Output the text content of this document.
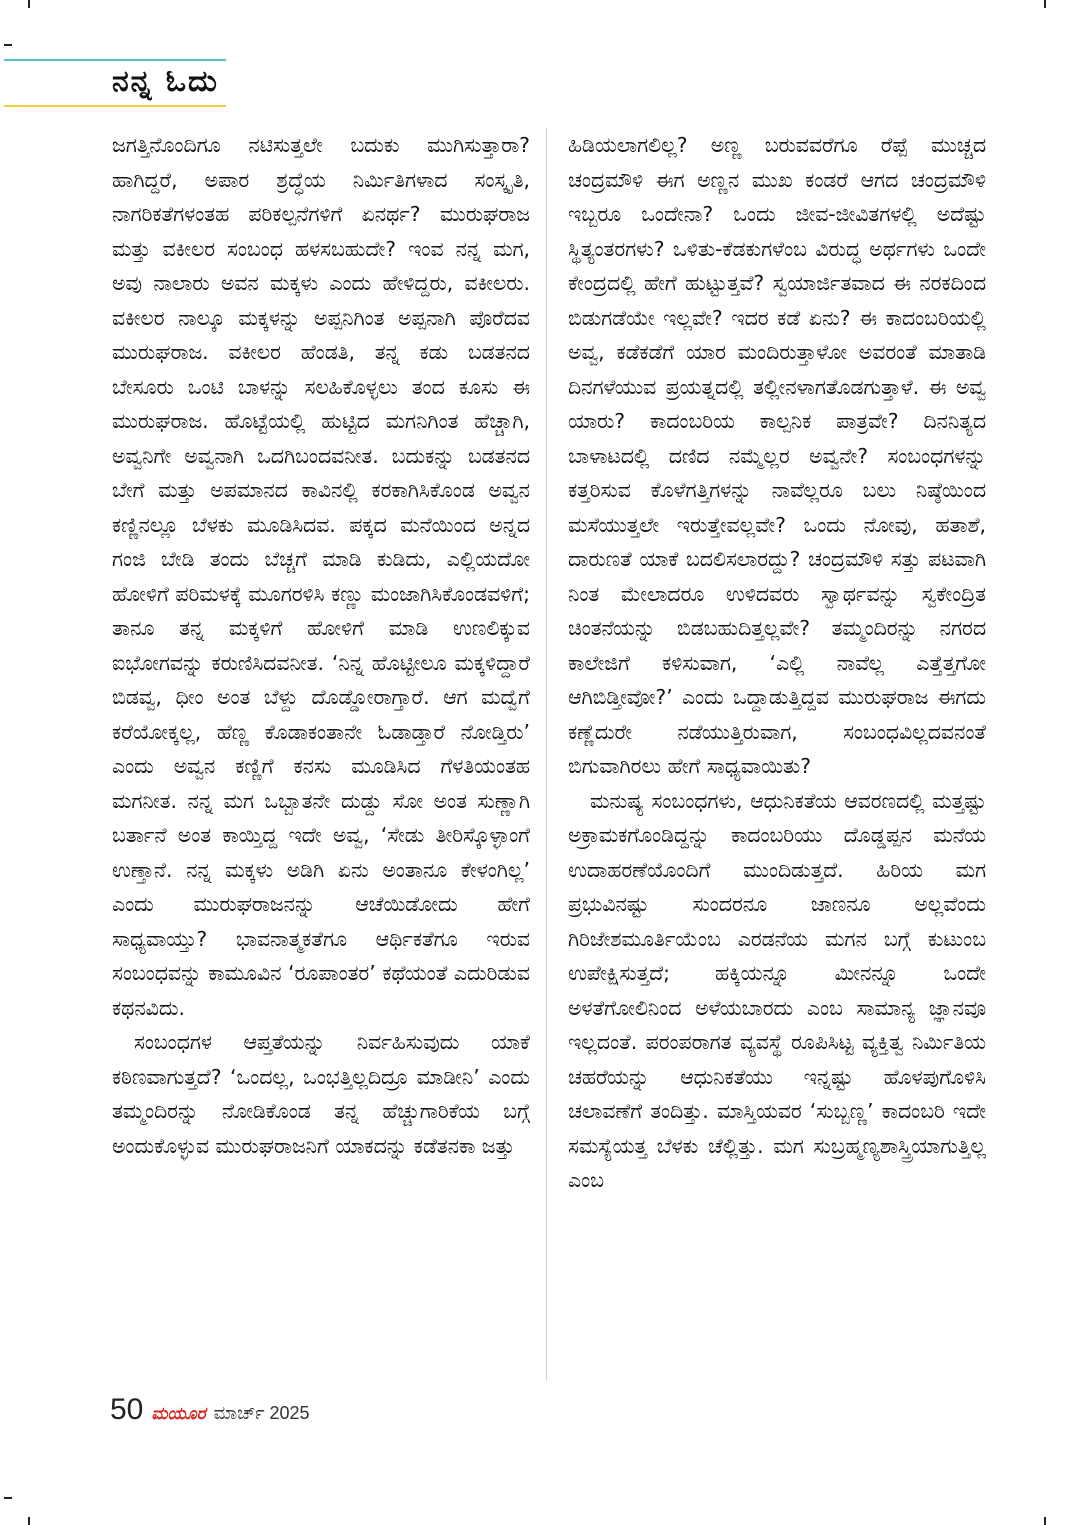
ನನ್ನ ಓದು

ಜಗತ್ತಿನೊಂದಿಗೂ ನಟಿಸುತ್ತಲೇ ಬದುಕು ಮುಗಿಸುತ್ತಾರಾ? ಹಾಗಿದ್ದರೆ, ಅಪಾರ ಶ್ರದ್ಧೆಯ ನಿರ್ಮಿತಿಗಳಾದ ಸಂಸ್ಕೃತಿ, ನಾಗರಿಕತೆಗಳಂತಹ ಪರಿಕಲ್ಪನೆಗಳಿಗೆ ಏನರ್ಥ? ಮುರುಘರಾಜ ಮತ್ತು ವಕೀಲರ ಸಂಬಂಧ ಹಳಸಬಹುದೇ? ಇಂವ ನನ್ನ ಮಗ, ಅವು ನಾಲಾರು ಅವನ ಮಕ್ಕಳು ಎಂದು ಹೇಳಿದ್ದರು, ವಕೀಲರು. ವಕೀಲರ ನಾಲ್ಕೂ ಮಕ್ಕಳನ್ನು ಅಪ್ಪನಿಗಿಂತ ಅಪ್ಪನಾಗಿ ಪೊರೆದವ ಮುರುಘರಾಜ. ವಕೀಲರ ಹೆಂಡತಿ, ತನ್ನ ಕಡು ಬಡತನದ ಬೇಸೂರು ಒಂಟಿ ಬಾಳನ್ನು ಸಲಹಿಕೊಳ್ಳಲು ತಂದ ಕೂಸು ಈ ಮುರುಘರಾಜ. ಹೊಟ್ಟೆಯಲ್ಲಿ ಹುಟ್ಟಿದ ಮಗನಿಗಿಂತ ಹೆಚ್ಚಾಗಿ, ಅವ್ವನಿಗೇ ಅವ್ವನಾಗಿ ಒದಗಿಬಂದವನೀತ. ಬದುಕನ್ನು ಬಡತನದ ಬೇಗೆ ಮತ್ತು ಅಪಮಾನದ ಕಾವಿನಲ್ಲಿ ಕರಕಾಗಿಸಿಕೊಂಡ ಅವ್ವನ ಕಣ್ಣಿನಲ್ಲೂ ಬೆಳಕು ಮೂಡಿಸಿದವ. ಪಕ್ಕದ ಮನೆಯಿಂದ ಅನ್ನದ ಗಂಜಿ ಬೇಡಿ ತಂದು ಬೆಚ್ಚಗೆ ಮಾಡಿ ಕುಡಿದು, ಎಲ್ಲಿಯದೋ ಹೋಳಿಗೆ ಪರಿಮಳಕ್ಕೆ ಮೂಗರಳಿಸಿ ಕಣ್ಣು ಮಂಜಾಗಿಸಿಕೊಂಡವಳಿಗೆ; ತಾನೂ ತನ್ನ ಮಕ್ಕಳಿಗೆ ಹೋಳಿಗೆ ಮಾಡಿ ಉಣಲಿಕ್ಕುವ ಐಭೋಗವನ್ನು ಕರುಣಿಸಿದವನೀತ. ‘ನಿನ್ನ ಹೊಟ್ಟೀಲೂ ಮಕ್ಕಳಿದ್ದಾರೆ ಬಿಡವ್ವ, ಧೀಂ ಅಂತ ಬೆಳ್ದು ದೊಡ್ಡೋರಾಗ್ತಾರೆ. ಆಗ ಮದ್ವೆಗೆ ಕರೆಯೋಕ್ಕಲ್ಲ, ಹೆಣ್ಣ ಕೊಡಾಕಂತಾನೇ ಓಡಾಡ್ತಾರೆ ನೋಡ್ತಿರು’ ಎಂದು ಅವ್ವನ ಕಣ್ಣಿಗೆ ಕನಸು ಮೂಡಿಸಿದ ಗೆಳತಿಯಂತಹ ಮಗನೀತ. ನನ್ನ ಮಗ ಒಬ್ಬಾತನೇ ದುಡ್ದು ಸೋ ಅಂತ ಸುಣ್ಣಾಗಿ ಬರ್ತಾನೆ ಅಂತ ಕಾಯ್ತಿದ್ದ ಇದೇ ಅವ್ವ, ‘ಸೇಡು ತೀರಿಸ್ಕೊಳ್ಳಾಂಗೆ ಉಣ್ತಾನೆ. ನನ್ನ ಮಕ್ಕಳು ಅಡಿಗಿ ಏನು ಅಂತಾನೂ ಕೇಳಂಗಿಲ್ಲ’ ಎಂದು ಮುರುಘರಾಜನನ್ನು ಆಚೆಯಿಡೋದು ಹೇಗೆ ಸಾಧ್ಯವಾಯ್ತು? ಭಾವನಾತ್ಮಕತೆಗೂ ಆರ್ಥಿಕತೆಗೂ ಇರುವ ಸಂಬಂಧವನ್ನು ಕಾಮೂವಿನ ‘ರೂಪಾಂತರ’ ಕಥೆಯಂತೆ ಎದುರಿಡುವ ಕಥನವಿದು.

ಸಂಬಂಧಗಳ ಆಪ್ತತೆಯನ್ನು ನಿರ್ವಹಿಸುವುದು ಯಾಕೆ ಕಠಿಣವಾಗುತ್ತದೆ? ‘ಒಂದಲ್ಲ, ಒಂಭತ್ತಿಲ್ಲದಿದ್ರೂ ಮಾಡೀನಿ’ ಎಂದು ತಮ್ಮಂದಿರನ್ನು ನೋಡಿಕೊಂಡ ತನ್ನ ಹೆಚ್ಚುಗಾರಿಕೆಯ ಬಗ್ಗೆ ಅಂದುಕೊಳ್ಳುವ ಮುರುಘರಾಜನಿಗೆ ಯಾಕದನ್ನು ಕಡೆತನಕಾ ಜತ್ತು

ಹಿಡಿಯಲಾಗಲಿಲ್ಲ? ಅಣ್ಣ ಬರುವವರೆಗೂ ರೆಪ್ಪೆ ಮುಚ್ಚದ ಚಂದ್ರಮೌಳಿ ಈಗ ಅಣ್ಣನ ಮುಖ ಕಂಡರೆ ಆಗದ ಚಂದ್ರಮೌಳಿ ಇಬ್ಬರೂ ಒಂದೇನಾ? ಒಂದು ಜೀವ-ಜೀವಿತಗಳಲ್ಲಿ ಅದೆಷ್ಟು ಸ್ಥಿತ್ಯಂತರಗಳು? ಒಳಿತು-ಕೆಡಕುಗಳೆಂಬ ವಿರುದ್ಧ ಅರ್ಥಗಳು ಒಂದೇ ಕೇಂದ್ರದಲ್ಲಿ ಹೇಗೆ ಹುಟ್ಟುತ್ತವೆ? ಸ್ವಯಾರ್ಜಿತವಾದ ಈ ನರಕದಿಂದ ಬಿಡುಗಡೆಯೇ ಇಲ್ಲವೇ? ಇದರ ಕಡೆ ಏನು? ಈ ಕಾದಂಬರಿಯಲ್ಲಿ ಅವ್ವ, ಕಡೆಕಡೆಗೆ ಯಾರ ಮಂದಿರುತ್ತಾಳೋ ಅವರಂತೆ ಮಾತಾಡಿ ದಿನಗಳೆಯುವ ಪ್ರಯತ್ನದಲ್ಲಿ ತಲ್ಲೀನಳಾಗತೊಡಗುತ್ತಾಳೆ. ಈ ಅವ್ವ ಯಾರು? ಕಾದಂಬರಿಯ ಕಾಲ್ಪನಿಕ ಪಾತ್ರವೇ? ದಿನನಿತ್ಯದ ಬಾಳಾಟದಲ್ಲಿ ದಣಿದ ನಮ್ಮೆಲ್ಲರ ಅವ್ವನೇ? ಸಂಬಂಧಗಳನ್ನು ಕತ್ತರಿಸುವ ಕೊಳೆಗತ್ತಿಗಳನ್ನು ನಾವೆಲ್ಲರೂ ಬಲು ನಿಷ್ಠೆಯಿಂದ ಮಸೆಯುತ್ತಲೇ ಇರುತ್ತೇವಲ್ಲವೇ? ಒಂದು ನೋವು, ಹತಾಶೆ, ದಾರುಣತೆ ಯಾಕೆ ಬದಲಿಸಲಾರದ್ದು? ಚಂದ್ರಮೌಳಿ ಸತ್ತು ಪಟವಾಗಿ ನಿಂತ ಮೇಲಾದರೂ ಉಳಿದವರು ಸ್ವಾರ್ಥವನ್ನು ಸ್ವಕೇಂದ್ರಿತ ಚಿಂತನೆಯನ್ನು ಬಿಡಬಹುದಿತ್ತಲ್ಲವೇ? ತಮ್ಮಂದಿರನ್ನು ನಗರದ ಕಾಲೇಜಿಗೆ ಕಳಿಸುವಾಗ, ‘ಎಲ್ಲಿ ನಾವೆಲ್ಲ ಎತ್ತೆತ್ತಗೋ ಆಗಿಬಿಡ್ತೀವೋ?’ ಎಂದು ಒದ್ದಾಡುತ್ತಿದ್ದವ ಮುರುಘರಾಜ ಈಗದು ಕಣ್ಣೆದುರೇ ನಡೆಯುತ್ತಿರುವಾಗ, ಸಂಬಂಧವಿಲ್ಲದವನಂತೆ ಬಿಗುವಾಗಿರಲು ಹೇಗೆ ಸಾಧ್ಯವಾಯಿತು?

ಮನುಷ್ಯ ಸಂಬಂಧಗಳು, ಆಧುನಿಕತೆಯ ಆವರಣದಲ್ಲಿ ಮತ್ತಷ್ಟು ಅಕ್ರಾಮಕಗೊಂಡಿದ್ದನ್ನು ಕಾದಂಬರಿಯು ದೊಡ್ಡಪ್ಪನ ಮನೆಯ ಉದಾಹರಣೆಯೊಂದಿಗೆ ಮುಂದಿಡುತ್ತದೆ. ಹಿರಿಯ ಮಗ ಪ್ರಭುವಿನಷ್ಟು ಸುಂದರನೂ ಜಾಣನೂ ಅಲ್ಲವೆಂದು ಗಿರಿಜೇಶಮೂರ್ತಿಯೆಂಬ ಎರಡನೆಯ ಮಗನ ಬಗ್ಗೆ ಕುಟುಂಬ ಉಪೇಕ್ಷಿಸುತ್ತದೆ; ಹಕ್ಕಿಯನ್ನೂ ಮೀನನ್ನೂ ಒಂದೇ ಅಳತೆಗೋಲಿನಿಂದ ಅಳೆಯಬಾರದು ಎಂಬ ಸಾಮಾನ್ಯ ಜ್ಞಾನವೂ ಇಲ್ಲದಂತೆ. ಪರಂಪರಾಗತ ವ್ಯವಸ್ಥೆ ರೂಪಿಸಿಟ್ಟ ವ್ಯಕ್ತಿತ್ವ ನಿರ್ಮಿತಿಯ ಚಹರೆಯನ್ನು ಆಧುನಿಕತೆಯು ಇನ್ನಷ್ಟು ಹೊಳಪುಗೊಳಿಸಿ ಚಲಾವಣೆಗೆ ತಂದಿತ್ತು. ಮಾಸ್ತಿಯವರ ‘ಸುಬ್ಬಣ್ಣ’ ಕಾದಂಬರಿ ಇದೇ ಸಮಸ್ಯೆಯತ್ತ ಬೆಳಕು ಚೆಲ್ಲಿತ್ತು. ಮಗ ಸುಬ್ರಹ್ಮಣ್ಯಶಾಸ್ತ್ರಿಯಾಗುತ್ತಿಲ್ಲ ಎಂಬ

50 ಮಯೂರ ಮಾರ್ಚ್ 2025
